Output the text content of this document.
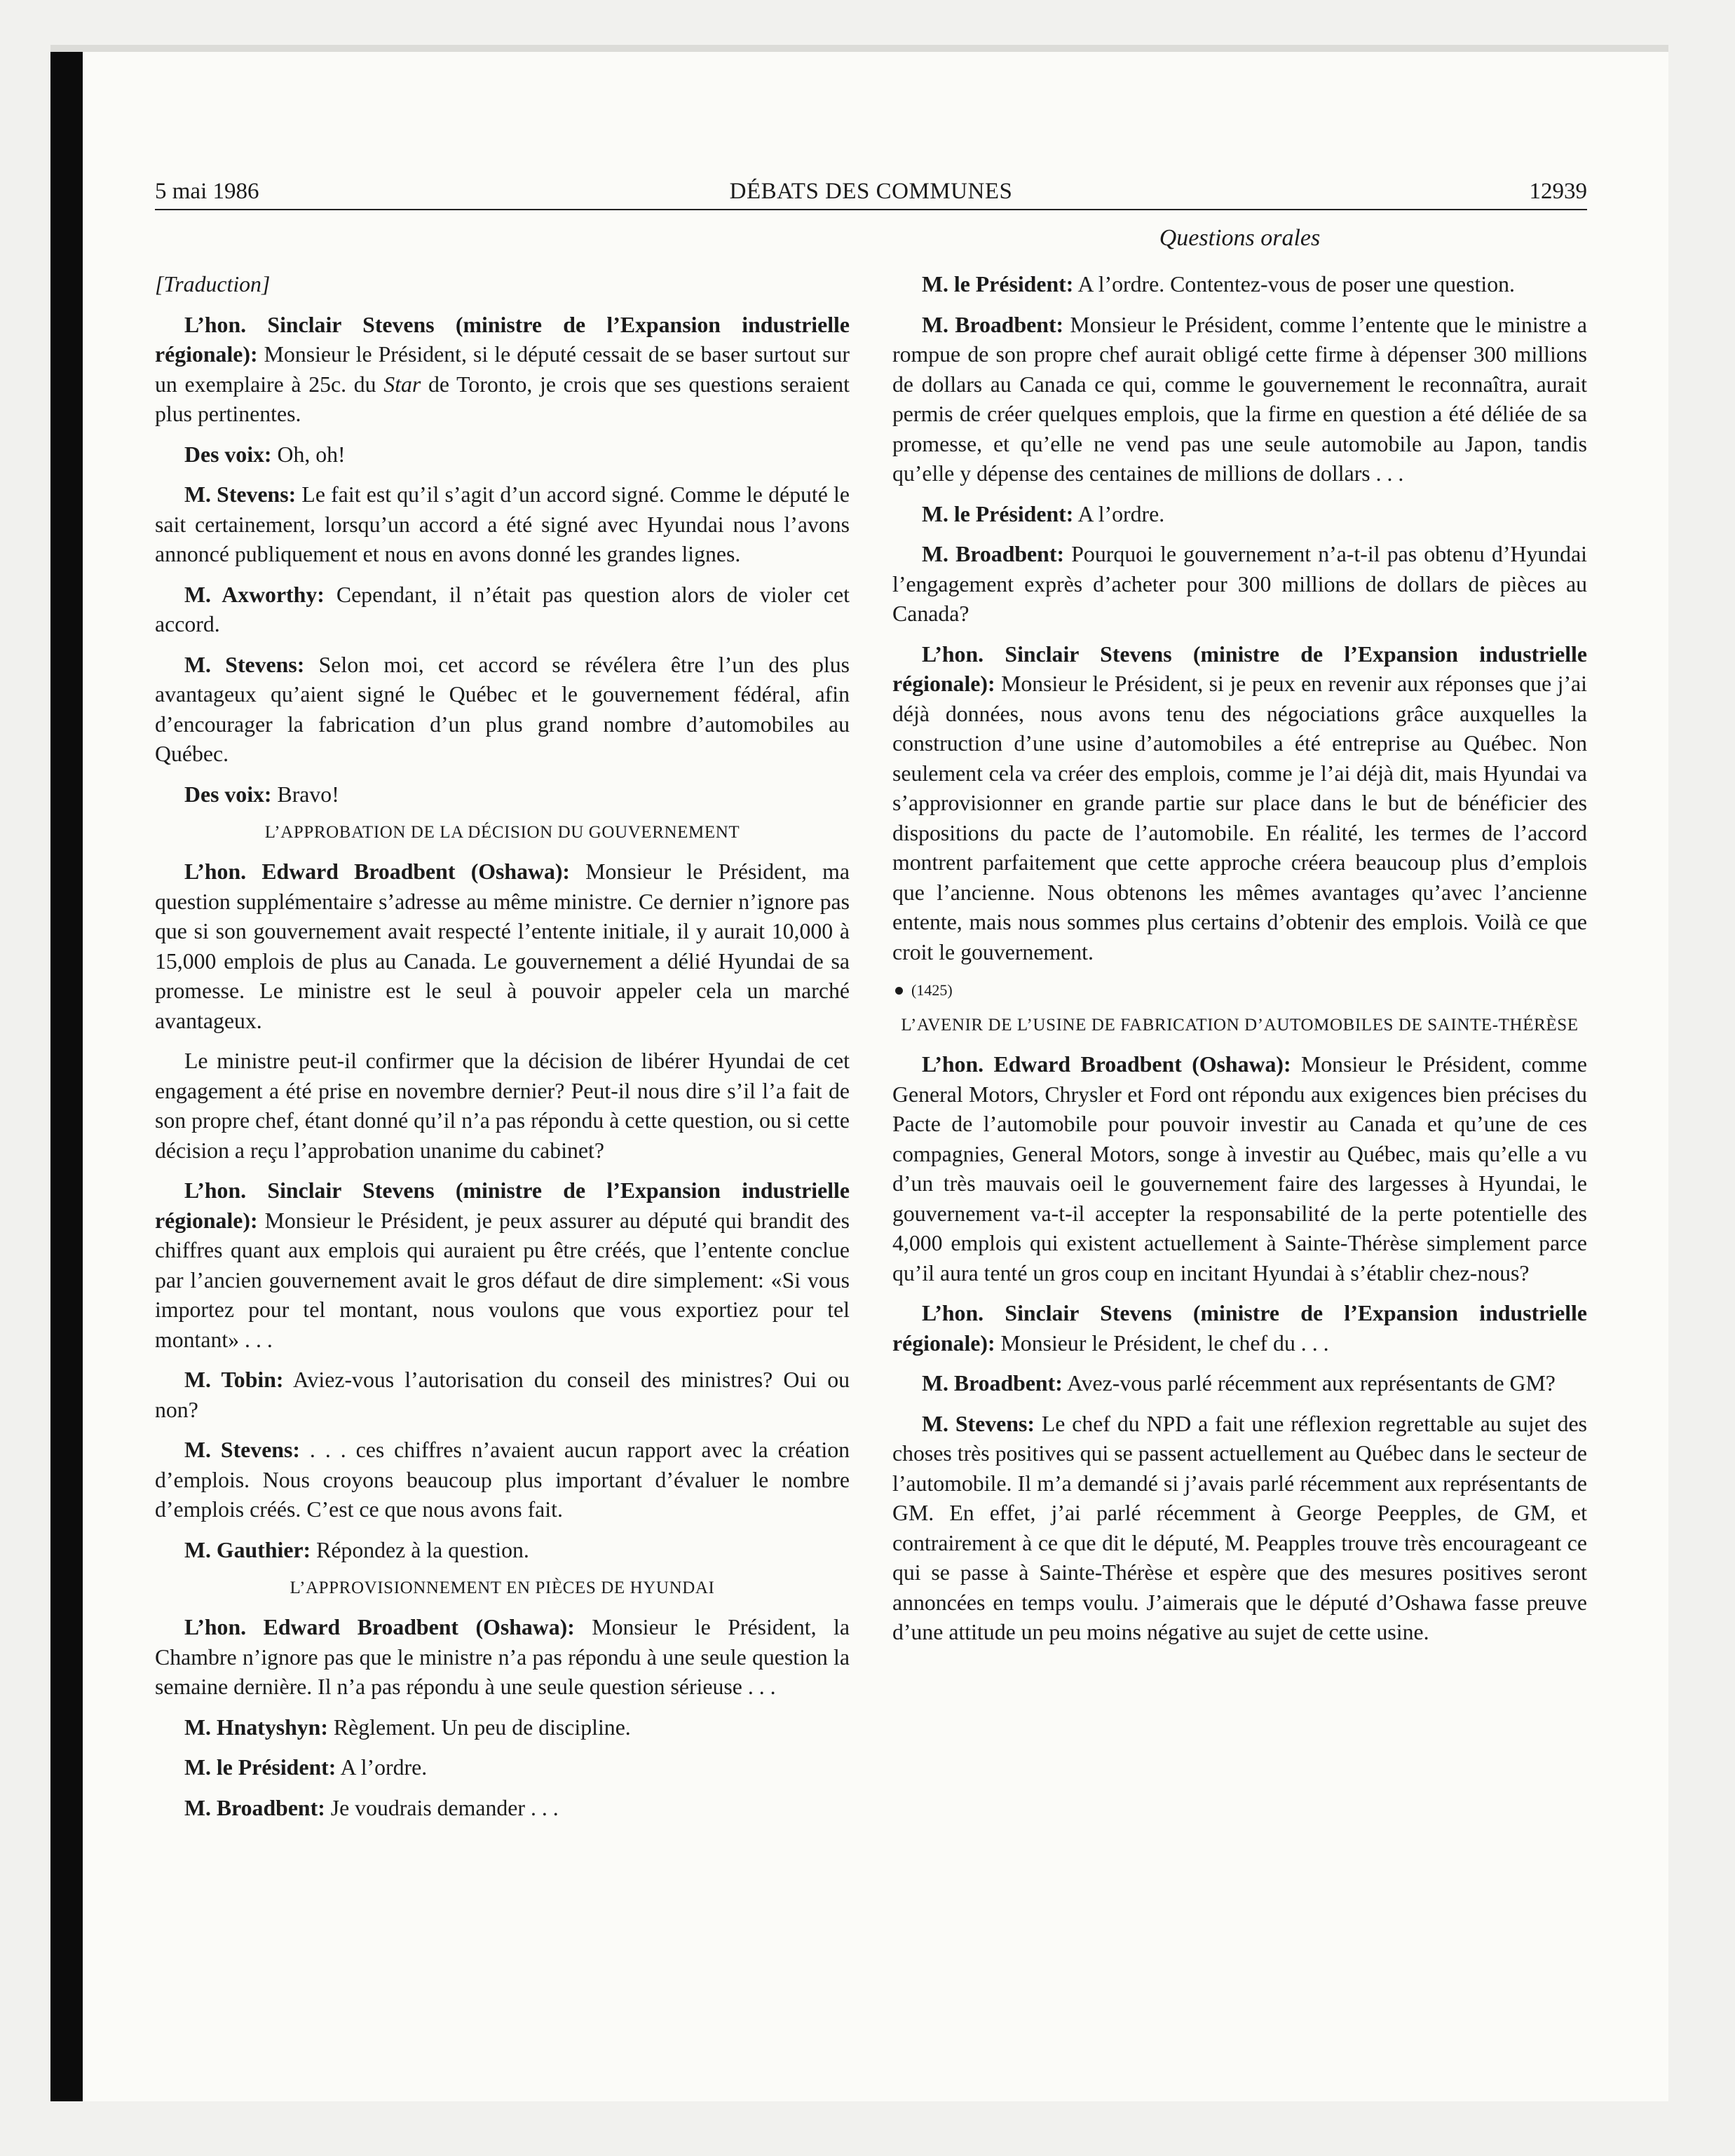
5 mai 1986	DÉBATS DES COMMUNES	12939
Questions orales

[Traduction]

L’hon. Sinclair Stevens (ministre de l’Expansion industrielle régionale): Monsieur le Président, si le député cessait de se baser surtout sur un exemplaire à 25c. du Star de Toronto, je crois que ses questions seraient plus pertinentes.

Des voix: Oh, oh!

M. Stevens: Le fait est qu’il s’agit d’un accord signé. Comme le député le sait certainement, lorsqu’un accord a été signé avec Hyundai nous l’avons annoncé publiquement et nous en avons donné les grandes lignes.

M. Axworthy: Cependant, il n’était pas question alors de violer cet accord.

M. Stevens: Selon moi, cet accord se révélera être l’un des plus avantageux qu’aient signé le Québec et le gouvernement fédéral, afin d’encourager la fabrication d’un plus grand nombre d’automobiles au Québec.

Des voix: Bravo!

L’APPROBATION DE LA DÉCISION DU GOUVERNEMENT

L’hon. Edward Broadbent (Oshawa): Monsieur le Président, ma question supplémentaire s’adresse au même ministre. Ce dernier n’ignore pas que si son gouvernement avait respecté l’entente initiale, il y aurait 10,000 à 15,000 emplois de plus au Canada. Le gouvernement a délié Hyundai de sa promesse. Le ministre est le seul à pouvoir appeler cela un marché avantageux.

Le ministre peut-il confirmer que la décision de libérer Hyundai de cet engagement a été prise en novembre dernier? Peut-il nous dire s’il l’a fait de son propre chef, étant donné qu’il n’a pas répondu à cette question, ou si cette décision a reçu l’approbation unanime du cabinet?

L’hon. Sinclair Stevens (ministre de l’Expansion industrielle régionale): Monsieur le Président, je peux assurer au député qui brandit des chiffres quant aux emplois qui auraient pu être créés, que l’entente conclue par l’ancien gouvernement avait le gros défaut de dire simplement: «Si vous importez pour tel montant, nous voulons que vous exportiez pour tel montant» . . .

M. Tobin: Aviez-vous l’autorisation du conseil des ministres? Oui ou non?

M. Stevens: . . . ces chiffres n’avaient aucun rapport avec la création d’emplois. Nous croyons beaucoup plus important d’évaluer le nombre d’emplois créés. C’est ce que nous avons fait.

M. Gauthier: Répondez à la question.

L’APPROVISIONNEMENT EN PIÈCES DE HYUNDAI

L’hon. Edward Broadbent (Oshawa): Monsieur le Président, la Chambre n’ignore pas que le ministre n’a pas répondu à une seule question la semaine dernière. Il n’a pas répondu à une seule question sérieuse . . .

M. Hnatyshyn: Règlement. Un peu de discipline.

M. le Président: A l’ordre.

M. Broadbent: Je voudrais demander . . .

M. le Président: A l’ordre. Contentez-vous de poser une question.

M. Broadbent: Monsieur le Président, comme l’entente que le ministre a rompue de son propre chef aurait obligé cette firme à dépenser 300 millions de dollars au Canada ce qui, comme le gouvernement le reconnaîtra, aurait permis de créer quelques emplois, que la firme en question a été déliée de sa promesse, et qu’elle ne vend pas une seule automobile au Japon, tandis qu’elle y dépense des centaines de millions de dollars . . .

M. le Président: A l’ordre.

M. Broadbent: Pourquoi le gouvernement n’a-t-il pas obtenu d’Hyundai l’engagement exprès d’acheter pour 300 millions de dollars de pièces au Canada?

L’hon. Sinclair Stevens (ministre de l’Expansion industrielle régionale): Monsieur le Président, si je peux en revenir aux réponses que j’ai déjà données, nous avons tenu des négociations grâce auxquelles la construction d’une usine d’automobiles a été entreprise au Québec. Non seulement cela va créer des emplois, comme je l’ai déjà dit, mais Hyundai va s’approvisionner en grande partie sur place dans le but de bénéficier des dispositions du pacte de l’automobile. En réalité, les termes de l’accord montrent parfaitement que cette approche créera beaucoup plus d’emplois que l’ancienne. Nous obtenons les mêmes avantages qu’avec l’ancienne entente, mais nous sommes plus certains d’obtenir des emplois. Voilà ce que croit le gouvernement.

(1425)
L’AVENIR DE L’USINE DE FABRICATION D’AUTOMOBILES DE SAINTE-THÉRÈSE

L’hon. Edward Broadbent (Oshawa): Monsieur le Président, comme General Motors, Chrysler et Ford ont répondu aux exigences bien précises du Pacte de l’automobile pour pouvoir investir au Canada et qu’une de ces compagnies, General Motors, songe à investir au Québec, mais qu’elle a vu d’un très mauvais oeil le gouvernement faire des largesses à Hyundai, le gouvernement va-t-il accepter la responsabilité de la perte potentielle des 4,000 emplois qui existent actuellement à Sainte-Thérèse simplement parce qu’il aura tenté un gros coup en incitant Hyundai à s’établir chez-nous?

L’hon. Sinclair Stevens (ministre de l’Expansion industrielle régionale): Monsieur le Président, le chef du . . .

M. Broadbent: Avez-vous parlé récemment aux représentants de GM?

M. Stevens: Le chef du NPD a fait une réflexion regrettable au sujet des choses très positives qui se passent actuellement au Québec dans le secteur de l’automobile. Il m’a demandé si j’avais parlé récemment aux représentants de GM. En effet, j’ai parlé récemment à George Peepples, de GM, et contrairement à ce que dit le député, M. Peapples trouve très encourageant ce qui se passe à Sainte-Thérèse et espère que des mesures positives seront annoncées en temps voulu. J’aimerais que le député d’Oshawa fasse preuve d’une attitude un peu moins négative au sujet de cette usine.
